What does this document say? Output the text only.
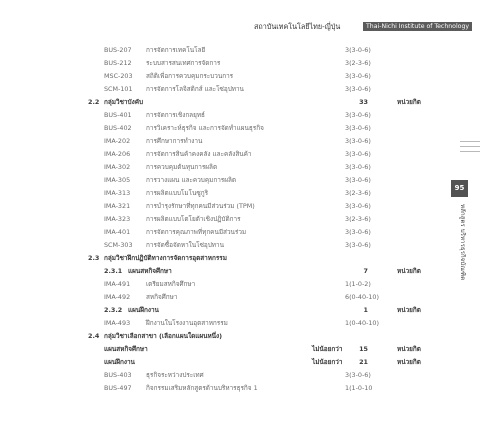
สถาบันเทคโนโลยีไทย-ญี่ปุ่น	Thai-Nichi Institute of Technology
BUS-207	การจัดการเทคโนโลยี	3(3-0-6)
BUS-212	ระบบสารสนเทศการจัดการ	3(2-3-6)
MSC-203	สถิติเพื่อการควบคุมกระบวนการ	3(3-0-6)
SCM-101	การจัดการโลจิสติกส์ และโซ่อุปทาน	3(3-0-6)
2.2 กลุ่มวิชาบังคับ	33	หน่วยกิต
BUS-401	การจัดการเชิงกลยุทธ์	3(3-0-6)
BUS-402	การวิเคราะห์ธุรกิจ และการจัดทำแผนธุรกิจ	3(3-0-6)
IMA-202	การศึกษาการทำงาน	3(3-0-6)
IMA-206	การจัดการสินค้าคงคลัง และคลังสินค้า	3(3-0-6)
IMA-302	การควบคุมต้นทุนการผลิต	3(3-0-6)
IMA-305	การวางแผน และควบคุมการผลิต	3(3-0-6)
IMA-313	การผลิตแบบโมโนซูกูริ	3(2-3-6)
IMA-321	การบำรุงรักษาที่ทุกคนมีส่วนร่วม (TPM)	3(3-0-6)
IMA-323	การผลิตแบบโตโยต้าเชิงปฏิบัติการ	3(2-3-6)
IMA-401	การจัดการคุณภาพที่ทุกคนมีส่วนร่วม	3(3-0-6)
SCM-303	การจัดซื้อจัดหาในโซ่อุปทาน	3(3-0-6)
2.3 กลุ่มวิชาฝึกปฏิบัติทางการจัดการอุตสาหกรรม
2.3.1 แผนสหกิจศึกษา	7	หน่วยกิต
IMA-491	เตรียมสหกิจศึกษา	1(1-0-2)
IMA-492	สหกิจศึกษา	6(0-40-10)
2.3.2 แผนฝึกงาน	1	หน่วยกิต
IMA-493	ฝึกงานในโรงงานอุตสาหกรรม	1(0-40-10)
2.4 กลุ่มวิชาเลือกสาขา (เลือกแผนใดแผนหนึ่ง)
แผนสหกิจศึกษา	ไม่น้อยกว่า	15	หน่วยกิต
แผนฝึกงาน	ไม่น้อยกว่า	21	หน่วยกิต
BUS-403	ธุรกิจระหว่างประเทศ	3(3-0-6)
BUS-497	กิจกรรมเสริมหลักสูตรด้านบริหารธุรกิจ 1	1(1-0-10
95
หลักสูตร บริหารธุรกิจบัณฑิต
